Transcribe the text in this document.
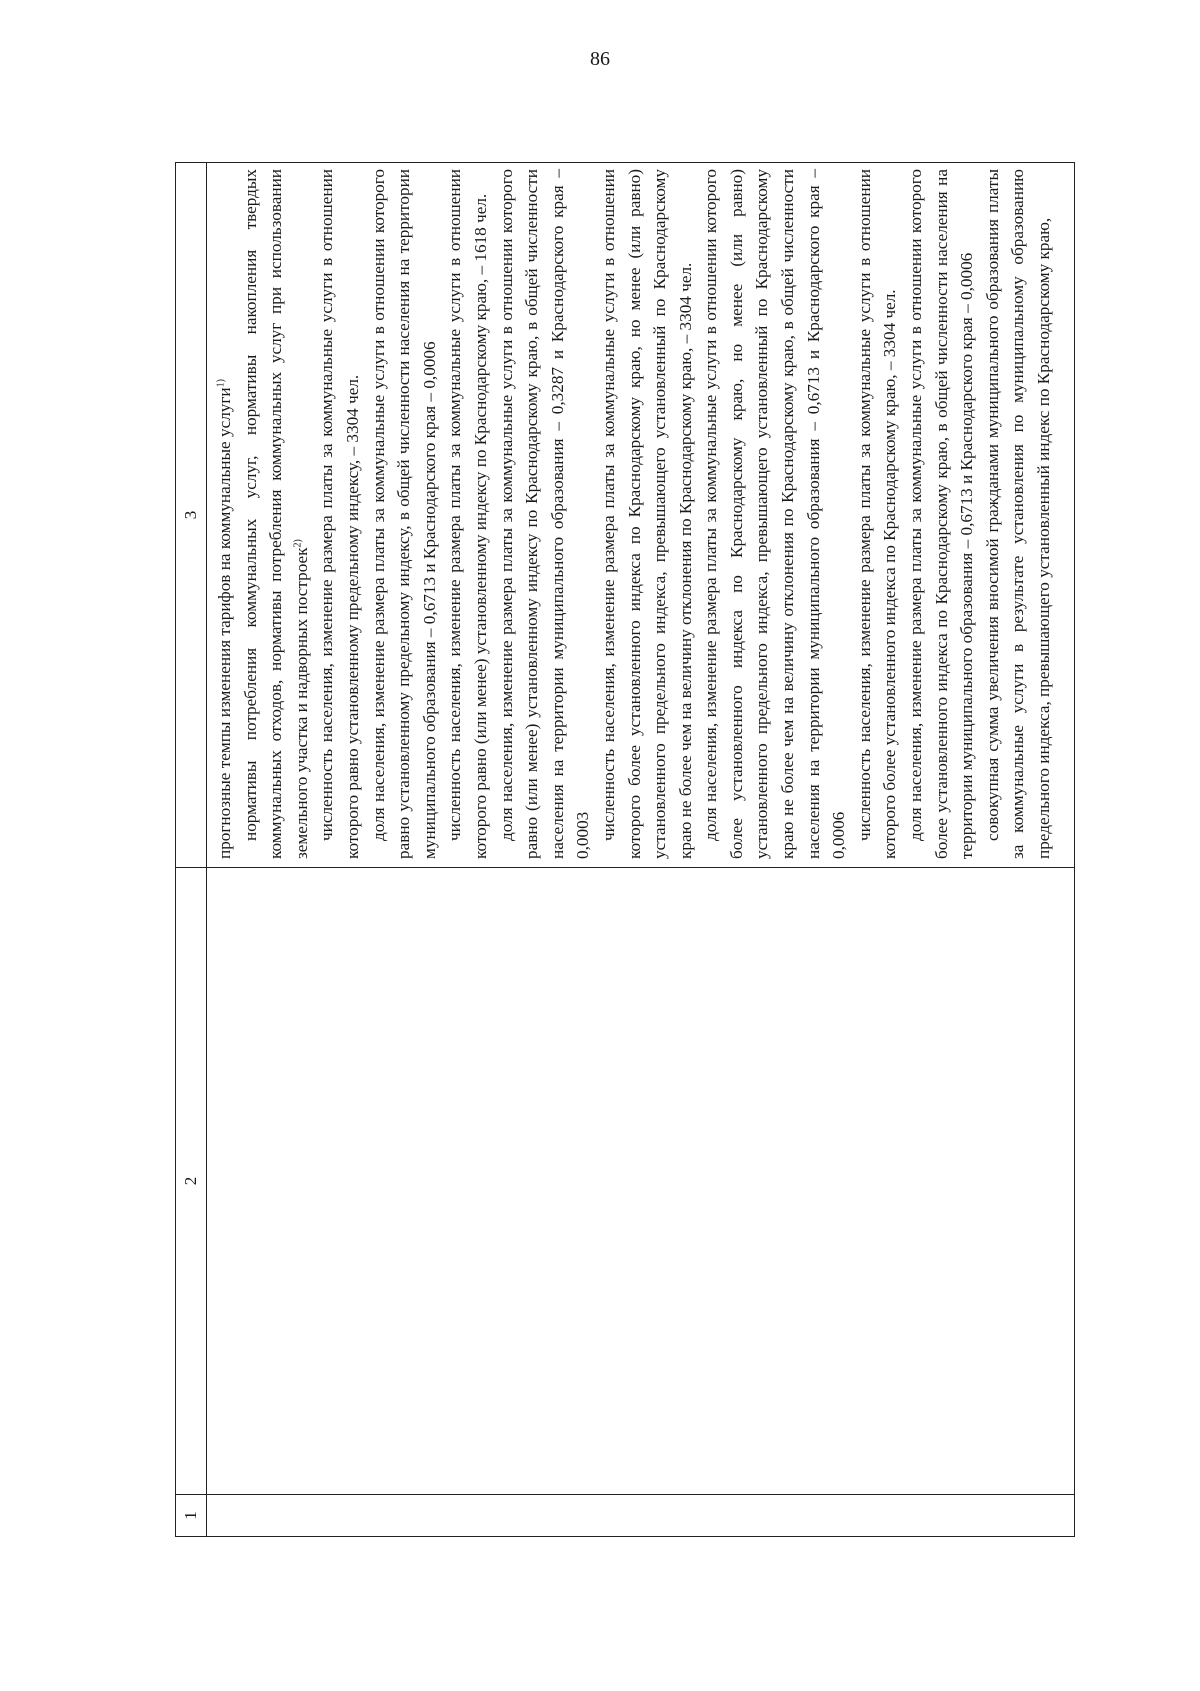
86
1
2
3 прогнозные темпы изменения тарифов на коммунальные услуги$^{1)}$ нормативы потребления коммунальных услуг, нормативы накопления твердых коммунальных отходов, нормативы потребления коммунальных услуг при использовании земельного участка и надворных построек$^{2)}$ численность населения, изменение размера платы за коммунальные услуги в отношении которого равно установленному предельному индексу, – 3304 чел. доля населения, изменение размера платы за коммунальные услуги в отношении которого равно установленному предельному индексу, в общей численности населения на территории муниципального образования – 0,6713 и Краснодарского края – 0,0006 численность населения, изменение размера платы за коммунальные услуги в отношении которого равно (или менее) установленному индексу по Краснодарскому краю, – 1618 чел. доля населения, изменение размера платы за коммунальные услуги в отношении которого равно (или менее) установленному индексу по Краснодарскому краю, в общей численности населения на территории муниципального образования – 0,3287 и Краснодарского края – 0,0003 численность населения, изменение размера платы за коммунальные услуги в отношении которого более установленного индекса по Краснодарскому краю, но менее (или равно) установленного предельного индекса, превышающего установленный по Краснодарскому краю не более чем на величину отклонения по Краснодарскому краю, – 3304 чел. доля населения, изменение размера платы за коммунальные услуги в отношении которого более установленного индекса по Краснодарскому краю, но менее (или равно) установленного предельного индекса, превышающего установленный по Краснодарскому краю не более чем на величину отклонения по Краснодарскому краю, в общей численности населения на территории муниципального образования – 0,6713 и Краснодарского края – 0,0006 численность населения, изменение размера платы за коммунальные услуги в отношении которого более установленного индекса по Краснодарскому краю, – 3304 чел. доля населения, изменение размера платы за коммунальные услуги в отношении которого более установленного индекса по Краснодарскому краю, в общей численности населения на территории муниципального образования – 0,6713 и Краснодарского края – 0,0006 совокупная сумма увеличения вносимой гражданами муниципального образования платы за коммунальные услуги в результате установления по муниципальному образованию предельного индекса, превышающего установленный индекс по Краснодарскому краю,
